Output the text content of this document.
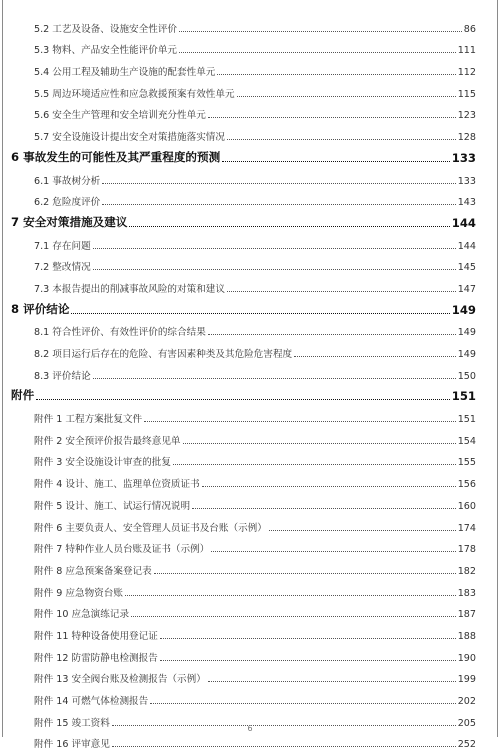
5.2 工艺及设备、设施安全性评价	86
5.3 物料、产品安全性能评价单元	111
5.4 公用工程及辅助生产设施的配套性单元	112
5.5 周边环境适应性和应急救援预案有效性单元	115
5.6 安全生产管理和安全培训充分性单元	123
5.7 安全设施设计提出安全对策措施落实情况	128
6 事故发生的可能性及其严重程度的预测	133
6.1 事故树分析	133
6.2 危险度评价	143
7 安全对策措施及建议	144
7.1 存在问题	144
7.2 整改情况	145
7.3 本报告提出的削减事故风险的对策和建议	147
8 评价结论	149
8.1 符合性评价、有效性评价的综合结果	149
8.2 项目运行后存在的危险、有害因素种类及其危险危害程度	149
8.3 评价结论	150
附件	151
附件 1 工程方案批复文件	151
附件 2 安全预评价报告最终意见单	154
附件 3 安全设施设计审查的批复	155
附件 4 设计、施工、监理单位资质证书	156
附件 5 设计、施工、试运行情况说明	160
附件 6 主要负责人、安全管理人员证书及台账（示例）	174
附件 7 特种作业人员台账及证书（示例）	178
附件 8 应急预案备案登记表	182
附件 9 应急物资台账	183
附件 10 应急演练记录	187
附件 11 特种设备使用登记证	188
附件 12 防雷防静电检测报告	190
附件 13 安全阀台账及检测报告（示例）	199
附件 14 可燃气体检测报告	202
附件 15 竣工资料	205
附件 16 评审意见	252
6
